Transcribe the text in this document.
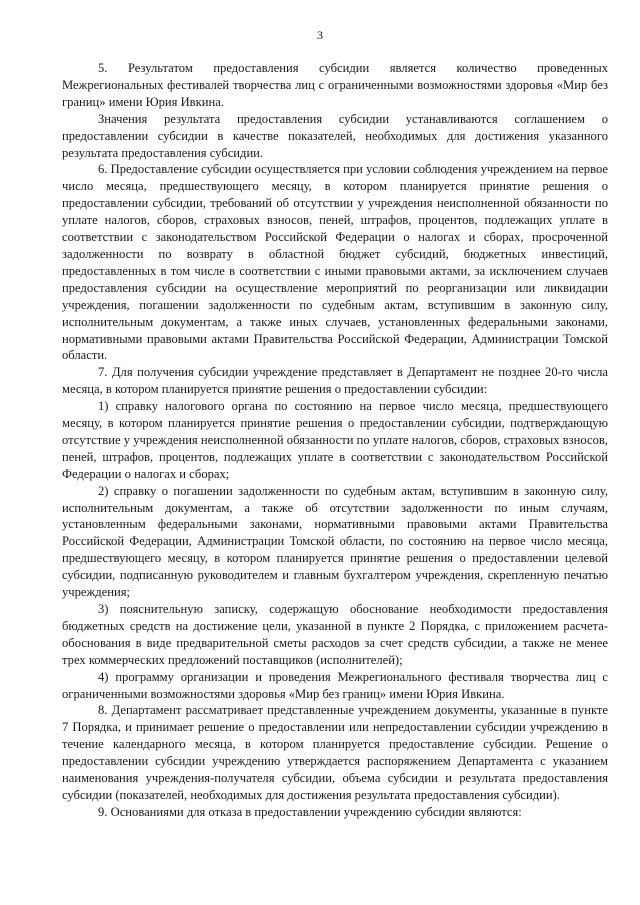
3

5. Результатом предоставления субсидии является количество проведенных Межрегиональных фестивалей творчества лиц с ограниченными возможностями здоровья «Мир без границ» имени Юрия Ивкина.

Значения результата предоставления субсидии устанавливаются соглашением о предоставлении субсидии в качестве показателей, необходимых для достижения указанного результата предоставления субсидии.

6. Предоставление субсидии осуществляется при условии соблюдения учреждением на первое число месяца, предшествующего месяцу, в котором планируется принятие решения о предоставлении субсидии, требований об отсутствии у учреждения неисполненной обязанности по уплате налогов, сборов, страховых взносов, пеней, штрафов, процентов, подлежащих уплате в соответствии с законодательством Российской Федерации о налогах и сборах, просроченной задолженности по возврату в областной бюджет субсидий, бюджетных инвестиций, предоставленных в том числе в соответствии с иными правовыми актами, за исключением случаев предоставления субсидии на осуществление мероприятий по реорганизации или ликвидации учреждения, погашении задолженности по судебным актам, вступившим в законную силу, исполнительным документам, а также иных случаев, установленных федеральными законами, нормативными правовыми актами Правительства Российской Федерации, Администрации Томской области.

7. Для получения субсидии учреждение представляет в Департамент не позднее 20-го числа месяца, в котором планируется принятие решения о предоставлении субсидии:

1) справку налогового органа по состоянию на первое число месяца, предшествующего месяцу, в котором планируется принятие решения о предоставлении субсидии, подтверждающую отсутствие у учреждения неисполненной обязанности по уплате налогов, сборов, страховых взносов, пеней, штрафов, процентов, подлежащих уплате в соответствии с законодательством Российской Федерации о налогах и сборах;

2) справку о погашении задолженности по судебным актам, вступившим в законную силу, исполнительным документам, а также об отсутствии задолженности по иным случаям, установленным федеральными законами, нормативными правовыми актами Правительства Российской Федерации, Администрации Томской области, по состоянию на первое число месяца, предшествующего месяцу, в котором планируется принятие решения о предоставлении целевой субсидии, подписанную руководителем и главным бухгалтером учреждения, скрепленную печатью учреждения;

3) пояснительную записку, содержащую обоснование необходимости предоставления бюджетных средств на достижение цели, указанной в пункте 2 Порядка, с приложением расчета-обоснования в виде предварительной сметы расходов за счет средств субсидии, а также не менее трех коммерческих предложений поставщиков (исполнителей);

4) программу организации и проведения Межрегионального фестиваля творчества лиц с ограниченными возможностями здоровья «Мир без границ» имени Юрия Ивкина.

8. Департамент рассматривает представленные учреждением документы, указанные в пункте 7 Порядка, и принимает решение о предоставлении или непредоставлении субсидии учреждению в течение календарного месяца, в котором планируется предоставление субсидии. Решение о предоставлении субсидии учреждению утверждается распоряжением Департамента с указанием наименования учреждения-получателя субсидии, объема субсидии и результата предоставления субсидии (показателей, необходимых для достижения результата предоставления субсидии).

9. Основаниями для отказа в предоставлении учреждению субсидии являются:
